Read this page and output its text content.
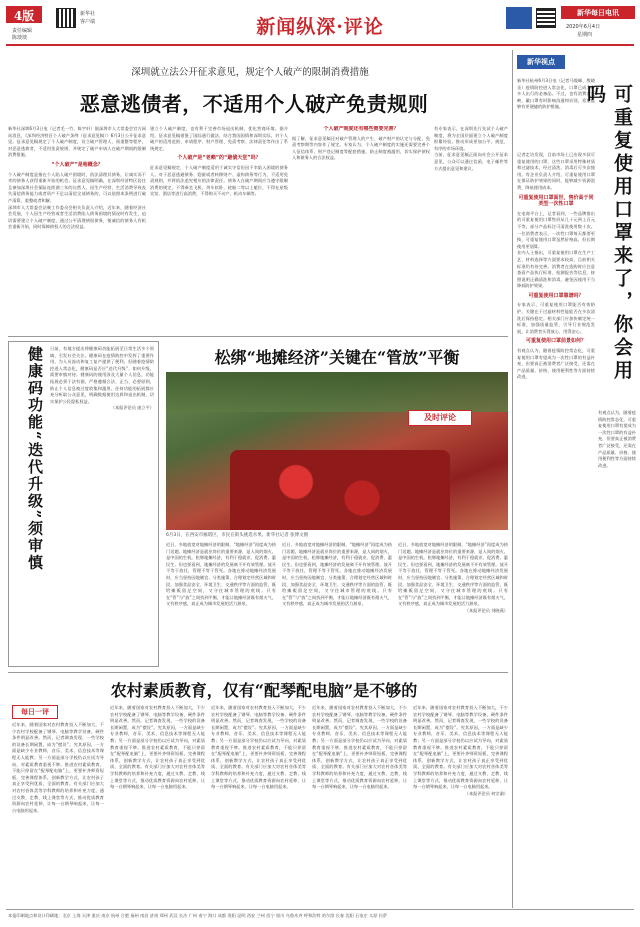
4版
责任编辑
陈琰琰
新华社
客户端	新闻纵深·评论
新华每日电讯
2020年6月4日
星期四
深圳就立法公开征求意见，规定个人破产的限制消费措施
恶意逃债者，不适用个人破产免责规则

新华社深圳6月3日电（记者毛一竹、陈宇轩）据深圳市人大常委会官方网站消息，《深圳经济特区个人破产条例（征求意见稿）》6月3日公开征求意见。征求意见稿规定了个人破产制度，设立破产管理人、预重整等程序，对恶意逃债者，不适用免责规则，并规定了破产申请人在破产期间的限制消费措施。

“个人破产”是啥概念？

个人破产制度是指在个人陷入破产困境时，依法清理其债务，让诚实而不幸的债务人获得重新开始的机会。征求意见稿明确，在深圳经济特区居住且参加深圳社会保险连续满三年的自然人，因生产经营、生活消费导致丧失清偿债务能力或者资产不足以清偿全部债务的，可以依照本条例进行破产清算、重整或者和解。

深圳市人大常委会法制工作委员会相关负责人介绍，近年来，随着经济社会发展，个人因生产经营或者生活消费陷入债务困境的情况时有发生，迫切需要建立个人破产制度，通过公平清理债权债务，使诚信的债务人有机会重新开始，同时保障债权人的合法权益。

建立个人破产制度，也有利于完善市场退出机制，优化营商环境。据介绍，征求意见稿借鉴了国际通行做法，结合我国国情和深圳实际，对个人破产的适用范围、申请程序、财产管理、免责考察、法律责任等作出了系统规定。

个人破产是“老赖”的“避债天堂”吗？

征求意见稿规定，个人破产制度适用于诚实守信但因不幸陷入困境的债务人。对于恶意逃避债务、隐匿或者转移财产、虚构债务等行为，不适用免责规则，并将依法追究相应的法律责任。债务人在破产期间应当遵守限制消费的规定，不得乘坐飞机、列车软卧、轮船二等以上舱位，不得在星级宾馆、酒店等进行高消费，不得购买不动产、机动车辆等。

个人破产制度还有哪些需要完善？

据了解，征求意见稿还对破产管理人的产生、破产财产的认定与分配、免责考察期等内容作了规定。专家认为，个人破产制度的实施还需要完善个人征信体系、财产登记制度等配套措施，防止制度被滥用，切实保护债权人和债务人的合法权益。

有专家表示，在深圳先行先试个人破产制度，将为全国层面建立个人破产制度积累经验，推动形成更加公平、规范、有序的市场环境。

当前，征求意见稿正面向社会公开征求意见，公众可以通过信函、电子邮件等方式提出意见和建议。

新华视点
新华社杭州6月3日电（记者马俊峰、殷晓圣）疫情防控进入常态化，口罩已成为许多人出行的必备品。不过，也有消费者反映，戴口罩有时影响沟通和识别，希望能够有更便捷的防护措施。	可重复使用口罩来了，你会用吗

记者走访发现，目前市场上已出现多款可重复使用的口罩，这些口罩采用特殊材质和过滤技术，经过清洗、消毒后可多次使用。有企业负责人介绍，可重复使用口罩在保证防护效果的同时，能够减少资源浪费，降低使用成本。

可重复使用口罩面世，售价高于同类型一次性口罩

在电商平台上，记者看到，一些品牌推出的可重复使用口罩售价从几十元到上百元不等，部分产品标注可清洗使用数十次。一位消费者表示，一次性口罩每天都要更换，可重复使用口罩虽然价格高，但长期使用更划算。

业内人士指出，可重复使用口罩在生产工艺、材料选择等方面要求较高，目前相关标准仍有待完善。消费者在选购时应注意查看产品执行标准、检测报告等信息，按照说明正确清洗和消毒，避免因使用不当降低防护效果。

可重复使用口罩靠谱吗？

专家表示，可重复使用口罩能否有效防护，关键在于过滤材料性能能否在多次清洗后保持稳定。相关部门应加快制定统一标准，加强质量监管，引导行业规范发展，让消费者买得放心、用得安心。

可重复使用口罩前景如何？

有观点认为，随着疫情防控常态化，可重复使用口罩有望成为一次性口罩的有益补充，但要真正被消费者广泛接受，还需在产品质量、价格、使用便利性等方面持续改进。

有观点认为，随着疫情防控常态化，可重复使用口罩有望成为一次性口罩的有益补充，但要真正被消费者广泛接受，还需在产品质量、价格、使用便利性等方面持续改进。

健康码功能“迭代升级”须审慎	日前，有地方提出将健康码功能拓展至日常生活多个领域，引发社会关注。健康码在疫情防控中发挥了重要作用，为人员流动和复工复产提供了便利。但随着疫情防控进入常态化，健康码是否应“迭代升级”、如何升级，需要审慎对待。健康码的使用涉及大量个人信息，功能拓展必须于法有据，严格遵循合法、正当、必要原则，防止个人信息被过度收集和滥用。任何功能的拓展都应充分听取公众意见，明确数据使用边界和退出机制，切实保护公民隐私权益。

（本报评论员 庞立平）

松绑“地摊经济”关键在“管放”平衡
及时评论
6月3日，在西安市雁塔区，市民在街头挑选水果。新华社记者 张博文摄

近日，多地放宽对地摊经济的限制，“地摊经济”再度成为热门话题。地摊经济是就业岗位的重要来源，是人间的烟火，是中国的生机。松绑地摊经济，有利于稳就业、促消费、惠民生。但也要看到，地摊经济的发展离不开有效管理。放开不等于放任，管理不等于管死。各地在推动地摊经济发展时，应当坚持因地制宜、分类施策，合理划定经营区域和时段，加强食品安全、环境卫生、交通秩序等方面的监管，既给摊贩留足空间，又守住城市管理的底线。只有在“管”与“放”之间找到平衡，才能让地摊经济既有烟火气，又有秩序感，真正成为城市发展的活力源泉。

近日，多地放宽对地摊经济的限制，“地摊经济”再度成为热门话题。地摊经济是就业岗位的重要来源，是人间的烟火，是中国的生机。松绑地摊经济，有利于稳就业、促消费、惠民生。但也要看到，地摊经济的发展离不开有效管理。放开不等于放任，管理不等于管死。各地在推动地摊经济发展时，应当坚持因地制宜、分类施策，合理划定经营区域和时段，加强食品安全、环境卫生、交通秩序等方面的监管，既给摊贩留足空间，又守住城市管理的底线。只有在“管”与“放”之间找到平衡，才能让地摊经济既有烟火气，又有秩序感，真正成为城市发展的活力源泉。

近日，多地放宽对地摊经济的限制，“地摊经济”再度成为热门话题。地摊经济是就业岗位的重要来源，是人间的烟火，是中国的生机。松绑地摊经济，有利于稳就业、促消费、惠民生。但也要看到，地摊经济的发展离不开有效管理。放开不等于放任，管理不等于管死。各地在推动地摊经济发展时，应当坚持因地制宜、分类施策，合理划定经营区域和时段，加强食品安全、环境卫生、交通秩序等方面的监管，既给摊贩留足空间，又守住城市管理的底线。只有在“管”与“放”之间找到平衡，才能让地摊经济既有烟火气，又有秩序感，真正成为城市发展的活力源泉。

（本报评论员 刘晓燕）

农村素质教育，仅有“配琴配电脑”是不够的
每日一评

近年来，随着国家对农村教育投入不断加大，不少农村学校配备了钢琴、电脑等教学设备，硬件条件明显改善。然而，记者调查发现，一些学校的设备长期闲置，成为“摆设”。究其原因，一方面是缺少专业教师，音乐、美术、信息技术等课程无人能教；另一方面是部分学校仍以应试为导向，对素质教育重视不够。推进农村素质教育，不能只停留在“配琴配电脑”上，更要补齐师资短板，完善课程体系，创新教学方式，让农村孩子真正享受到优质、全面的教育。有关部门应加大对农村音体美等学科教师的培养和补充力度，通过支教、走教、线上课堂等方式，推动优质教育资源向农村延伸，让每一台钢琴响起来，让每一台电脑用起来。

近年来，随着国家对农村教育投入不断加大，不少农村学校配备了钢琴、电脑等教学设备，硬件条件明显改善。然而，记者调查发现，一些学校的设备长期闲置，成为“摆设”。究其原因，一方面是缺少专业教师，音乐、美术、信息技术等课程无人能教；另一方面是部分学校仍以应试为导向，对素质教育重视不够。推进农村素质教育，不能只停留在“配琴配电脑”上，更要补齐师资短板，完善课程体系，创新教学方式，让农村孩子真正享受到优质、全面的教育。有关部门应加大对农村音体美等学科教师的培养和补充力度，通过支教、走教、线上课堂等方式，推动优质教育资源向农村延伸，让每一台钢琴响起来，让每一台电脑用起来。

近年来，随着国家对农村教育投入不断加大，不少农村学校配备了钢琴、电脑等教学设备，硬件条件明显改善。然而，记者调查发现，一些学校的设备长期闲置，成为“摆设”。究其原因，一方面是缺少专业教师，音乐、美术、信息技术等课程无人能教；另一方面是部分学校仍以应试为导向，对素质教育重视不够。推进农村素质教育，不能只停留在“配琴配电脑”上，更要补齐师资短板，完善课程体系，创新教学方式，让农村孩子真正享受到优质、全面的教育。有关部门应加大对农村音体美等学科教师的培养和补充力度，通过支教、走教、线上课堂等方式，推动优质教育资源向农村延伸，让每一台钢琴响起来，让每一台电脑用起来。

近年来，随着国家对农村教育投入不断加大，不少农村学校配备了钢琴、电脑等教学设备，硬件条件明显改善。然而，记者调查发现，一些学校的设备长期闲置，成为“摆设”。究其原因，一方面是缺少专业教师，音乐、美术、信息技术等课程无人能教；另一方面是部分学校仍以应试为导向，对素质教育重视不够。推进农村素质教育，不能只停留在“配琴配电脑”上，更要补齐师资短板，完善课程体系，创新教学方式，让农村孩子真正享受到优质、全面的教育。有关部门应加大对农村音体美等学科教师的培养和补充力度，通过支教、走教、线上课堂等方式，推动优质教育资源向农村延伸，让每一台钢琴响起来，让每一台电脑用起来。

近年来，随着国家对农村教育投入不断加大，不少农村学校配备了钢琴、电脑等教学设备，硬件条件明显改善。然而，记者调查发现，一些学校的设备长期闲置，成为“摆设”。究其原因，一方面是缺少专业教师，音乐、美术、信息技术等课程无人能教；另一方面是部分学校仍以应试为导向，对素质教育重视不够。推进农村素质教育，不能只停留在“配琴配电脑”上，更要补齐师资短板，完善课程体系，创新教学方式，让农村孩子真正享受到优质、全面的教育。有关部门应加大对农村音体美等学科教师的培养和补充力度，通过支教、走教、线上课堂等方式，推动优质教育资源向农村延伸，让每一台钢琴响起来，让每一台电脑用起来。

（本报评论员 何宗渝）

本报印刷地点和设计印刷地：北京 上海 天津 重庆 南京 杭州 合肥 福州 南昌 济南 郑州 武汉 长沙 广州 南宁 海口 成都 贵阳 昆明 西安 兰州 西宁 银川 乌鲁木齐 呼和浩特 哈尔滨 长春 沈阳 石家庄 太原 拉萨
